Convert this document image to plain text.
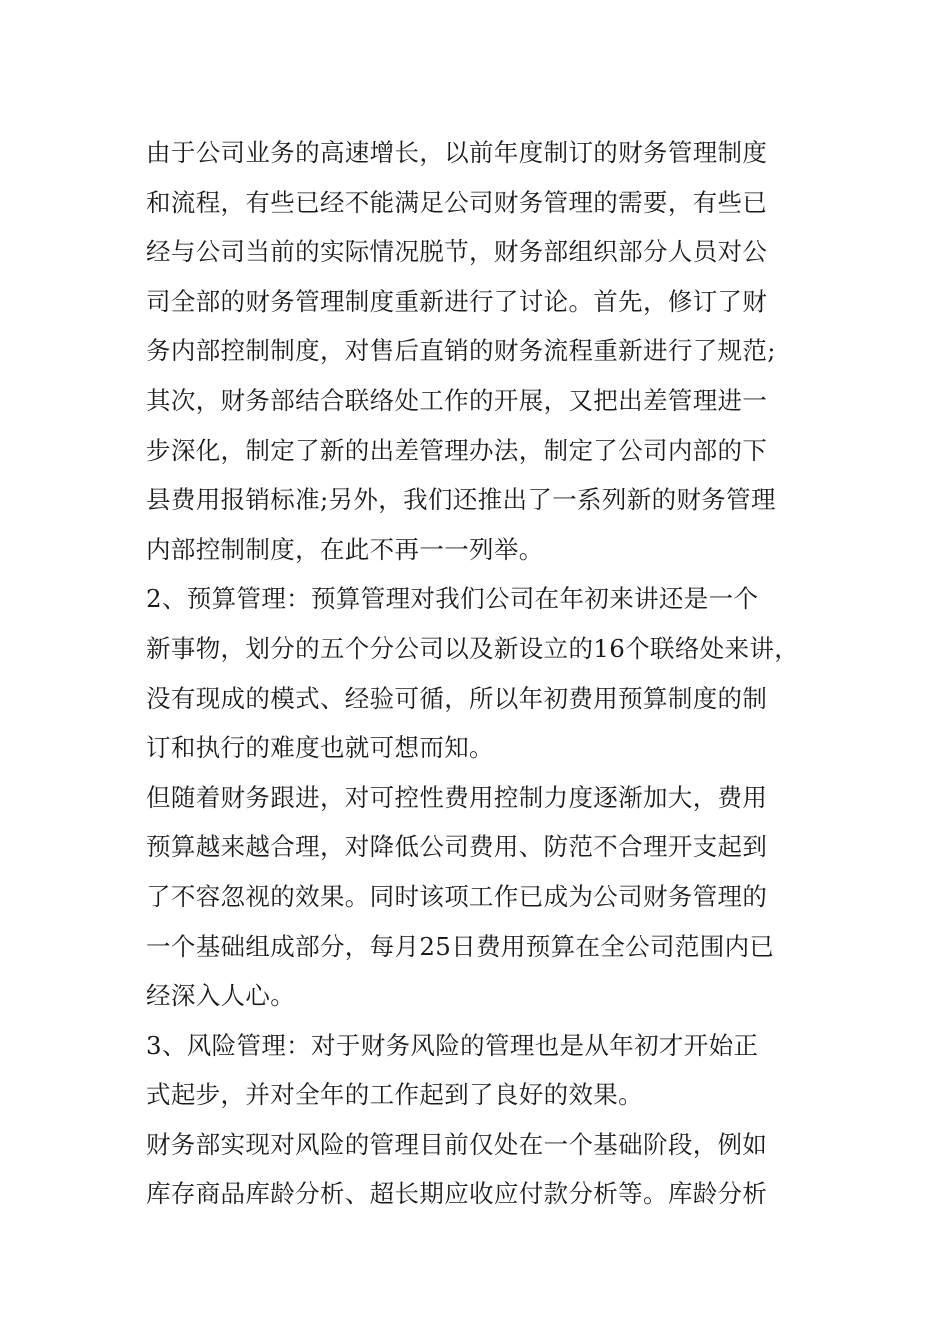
由于公司业务的高速增长，以前年度制订的财务管理制度
和流程，有些已经不能满足公司财务管理的需要，有些已
经与公司当前的实际情况脱节，财务部组织部分人员对公
司全部的财务管理制度重新进行了讨论。首先，修订了财
务内部控制制度，对售后直销的财务流程重新进行了规范;
其次，财务部结合联络处工作的开展，又把出差管理进一
步深化，制定了新的出差管理办法，制定了公司内部的下
县费用报销标准;另外，我们还推出了一系列新的财务管理
内部控制制度，在此不再一一列举。
2、预算管理：预算管理对我们公司在年初来讲还是一个
新事物，划分的五个分公司以及新设立的16个联络处来讲，
没有现成的模式、经验可循，所以年初费用预算制度的制
订和执行的难度也就可想而知。
但随着财务跟进，对可控性费用控制力度逐渐加大，费用
预算越来越合理，对降低公司费用、防范不合理开支起到
了不容忽视的效果。同时该项工作已成为公司财务管理的
一个基础组成部分，每月25日费用预算在全公司范围内已
经深入人心。
3、风险管理：对于财务风险的管理也是从年初才开始正
式起步，并对全年的工作起到了良好的效果。
财务部实现对风险的管理目前仅处在一个基础阶段，例如
库存商品库龄分析、超长期应收应付款分析等。库龄分析
